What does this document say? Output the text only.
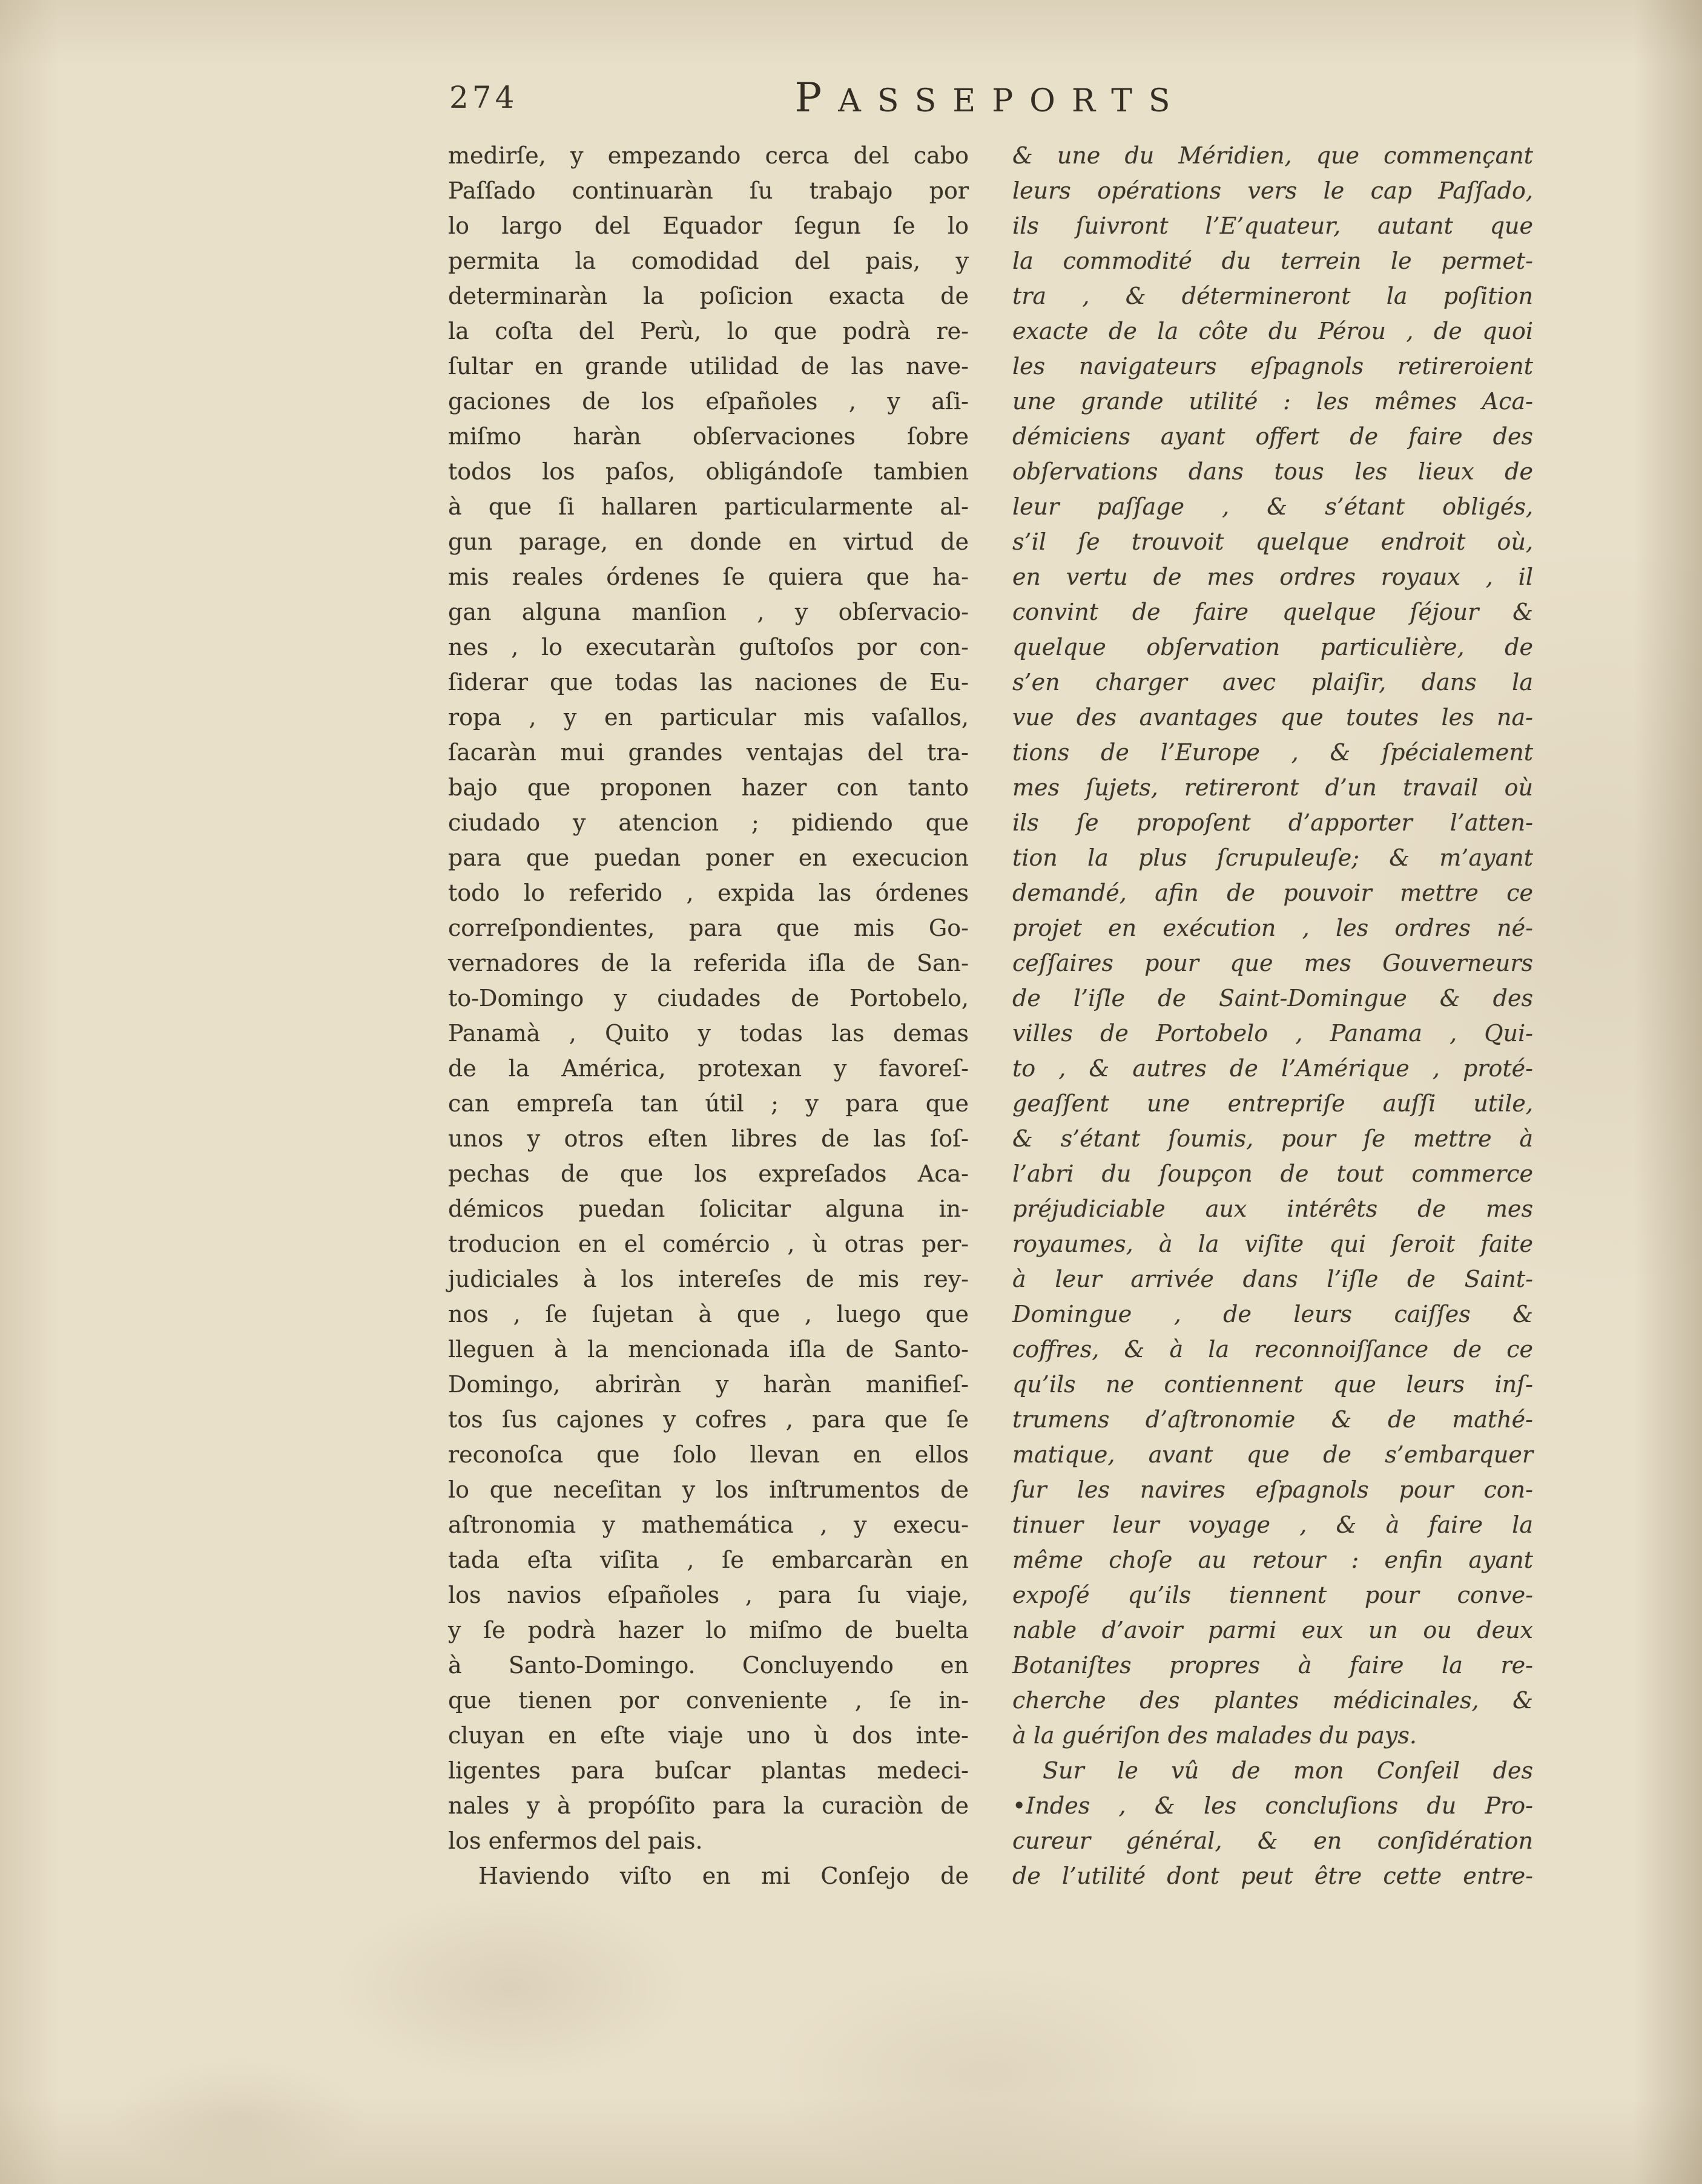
274	PASSEPORTS
medirſe, y empezando cerca del cabo
Paſſado continuaràn ſu trabajo por
lo largo del Equador ſegun ſe lo
permita la comodidad del pais, y
determinaràn la poſicion exacta de
la coſta del Perù, lo que podrà re-
ſultar en grande utilidad de las nave-
gaciones de los eſpañoles , y aſi-
miſmo haràn obſervaciones ſobre
todos los paſos, obligándoſe tambien
à que ſi hallaren particularmente al-
gun parage, en donde en virtud de
mis reales órdenes ſe quiera que ha-
gan alguna manſion , y obſervacio-
nes , lo executaràn guſtoſos por con-
ſiderar que todas las naciones de Eu-
ropa , y en particular mis vaſallos,
ſacaràn mui grandes ventajas del tra-
bajo que proponen hazer con tanto
ciudado y atencion ; pidiendo que
para que puedan poner en execucion
todo lo referido , expida las órdenes
correſpondientes, para que mis Go-
vernadores de la referida iſla de San-
to-Domingo y ciudades de Portobelo,
Panamà , Quito y todas las demas
de la América, protexan y favoreſ-
can empreſa tan útil ; y para que
unos y otros eſten libres de las ſoſ-
pechas de que los expreſados Aca-
démicos puedan ſolicitar alguna in-
troducion en el comércio , ù otras per-
judiciales à los intereſes de mis rey-
nos , ſe ſujetan à que , luego que
lleguen à la mencionada iſla de Santo-
Domingo, abriràn y haràn manifieſ-
tos ſus cajones y cofres , para que ſe
reconoſca que ſolo llevan en ellos
lo que neceſitan y los inſtrumentos de
aſtronomia y mathemática , y execu-
tada eſta viſita , ſe embarcaràn en
los navios eſpañoles , para ſu viaje,
y ſe podrà hazer lo miſmo de buelta
à Santo-Domingo. Concluyendo en
que tienen por conveniente , ſe in-
cluyan en eſte viaje uno ù dos inte-
ligentes para buſcar plantas medeci-
nales y à propóſito para la curaciòn de
los enfermos del pais.
Haviendo viſto en mi Conſejo de
& une du Méridien, que commençant
leurs opérations vers le cap Paſſado,
ils ſuivront l’E’quateur, autant que
la commodité du terrein le permet-
tra , & détermineront la poſition
exacte de la côte du Pérou , de quoi
les navigateurs eſpagnols retireroient
une grande utilité : les mêmes Aca-
démiciens ayant offert de faire des
obſervations dans tous les lieux de
leur paſſage , & s’étant obligés,
s’il ſe trouvoit quelque endroit où,
en vertu de mes ordres royaux , il
convint de faire quelque ſéjour &
quelque obſervation particulière, de
s’en charger avec plaiſir, dans la
vue des avantages que toutes les na-
tions de l’Europe , & ſpécialement
mes ſujets, retireront d’un travail où
ils ſe propoſent d’apporter l’atten-
tion la plus ſcrupuleuſe; & m’ayant
demandé, afin de pouvoir mettre ce
projet en exécution , les ordres né-
ceſſaires pour que mes Gouverneurs
de l’iſle de Saint-Domingue & des
villes de Portobelo , Panama , Qui-
to , & autres de l’Amérique , proté-
geaſſent une entrepriſe auſſi utile,
& s’étant ſoumis, pour ſe mettre à
l’abri du ſoupçon de tout commerce
préjudiciable aux intérêts de mes
royaumes, à la viſite qui ſeroit faite
à leur arrivée dans l’iſle de Saint-
Domingue , de leurs caiſſes &
coffres, & à la reconnoiſſance de ce
qu’ils ne contiennent que leurs inſ-
trumens d’aſtronomie & de mathé-
matique, avant que de s’embarquer
ſur les navires eſpagnols pour con-
tinuer leur voyage , & à faire la
même choſe au retour : enfin ayant
expoſé qu’ils tiennent pour conve-
nable d’avoir parmi eux un ou deux
Botaniſtes propres à faire la re-
cherche des plantes médicinales, &
à la guériſon des malades du pays.
Sur le vû de mon Conſeil des
•Indes , & les concluſions du Pro-
cureur général, & en conſidération
de l’utilité dont peut être cette entre-
